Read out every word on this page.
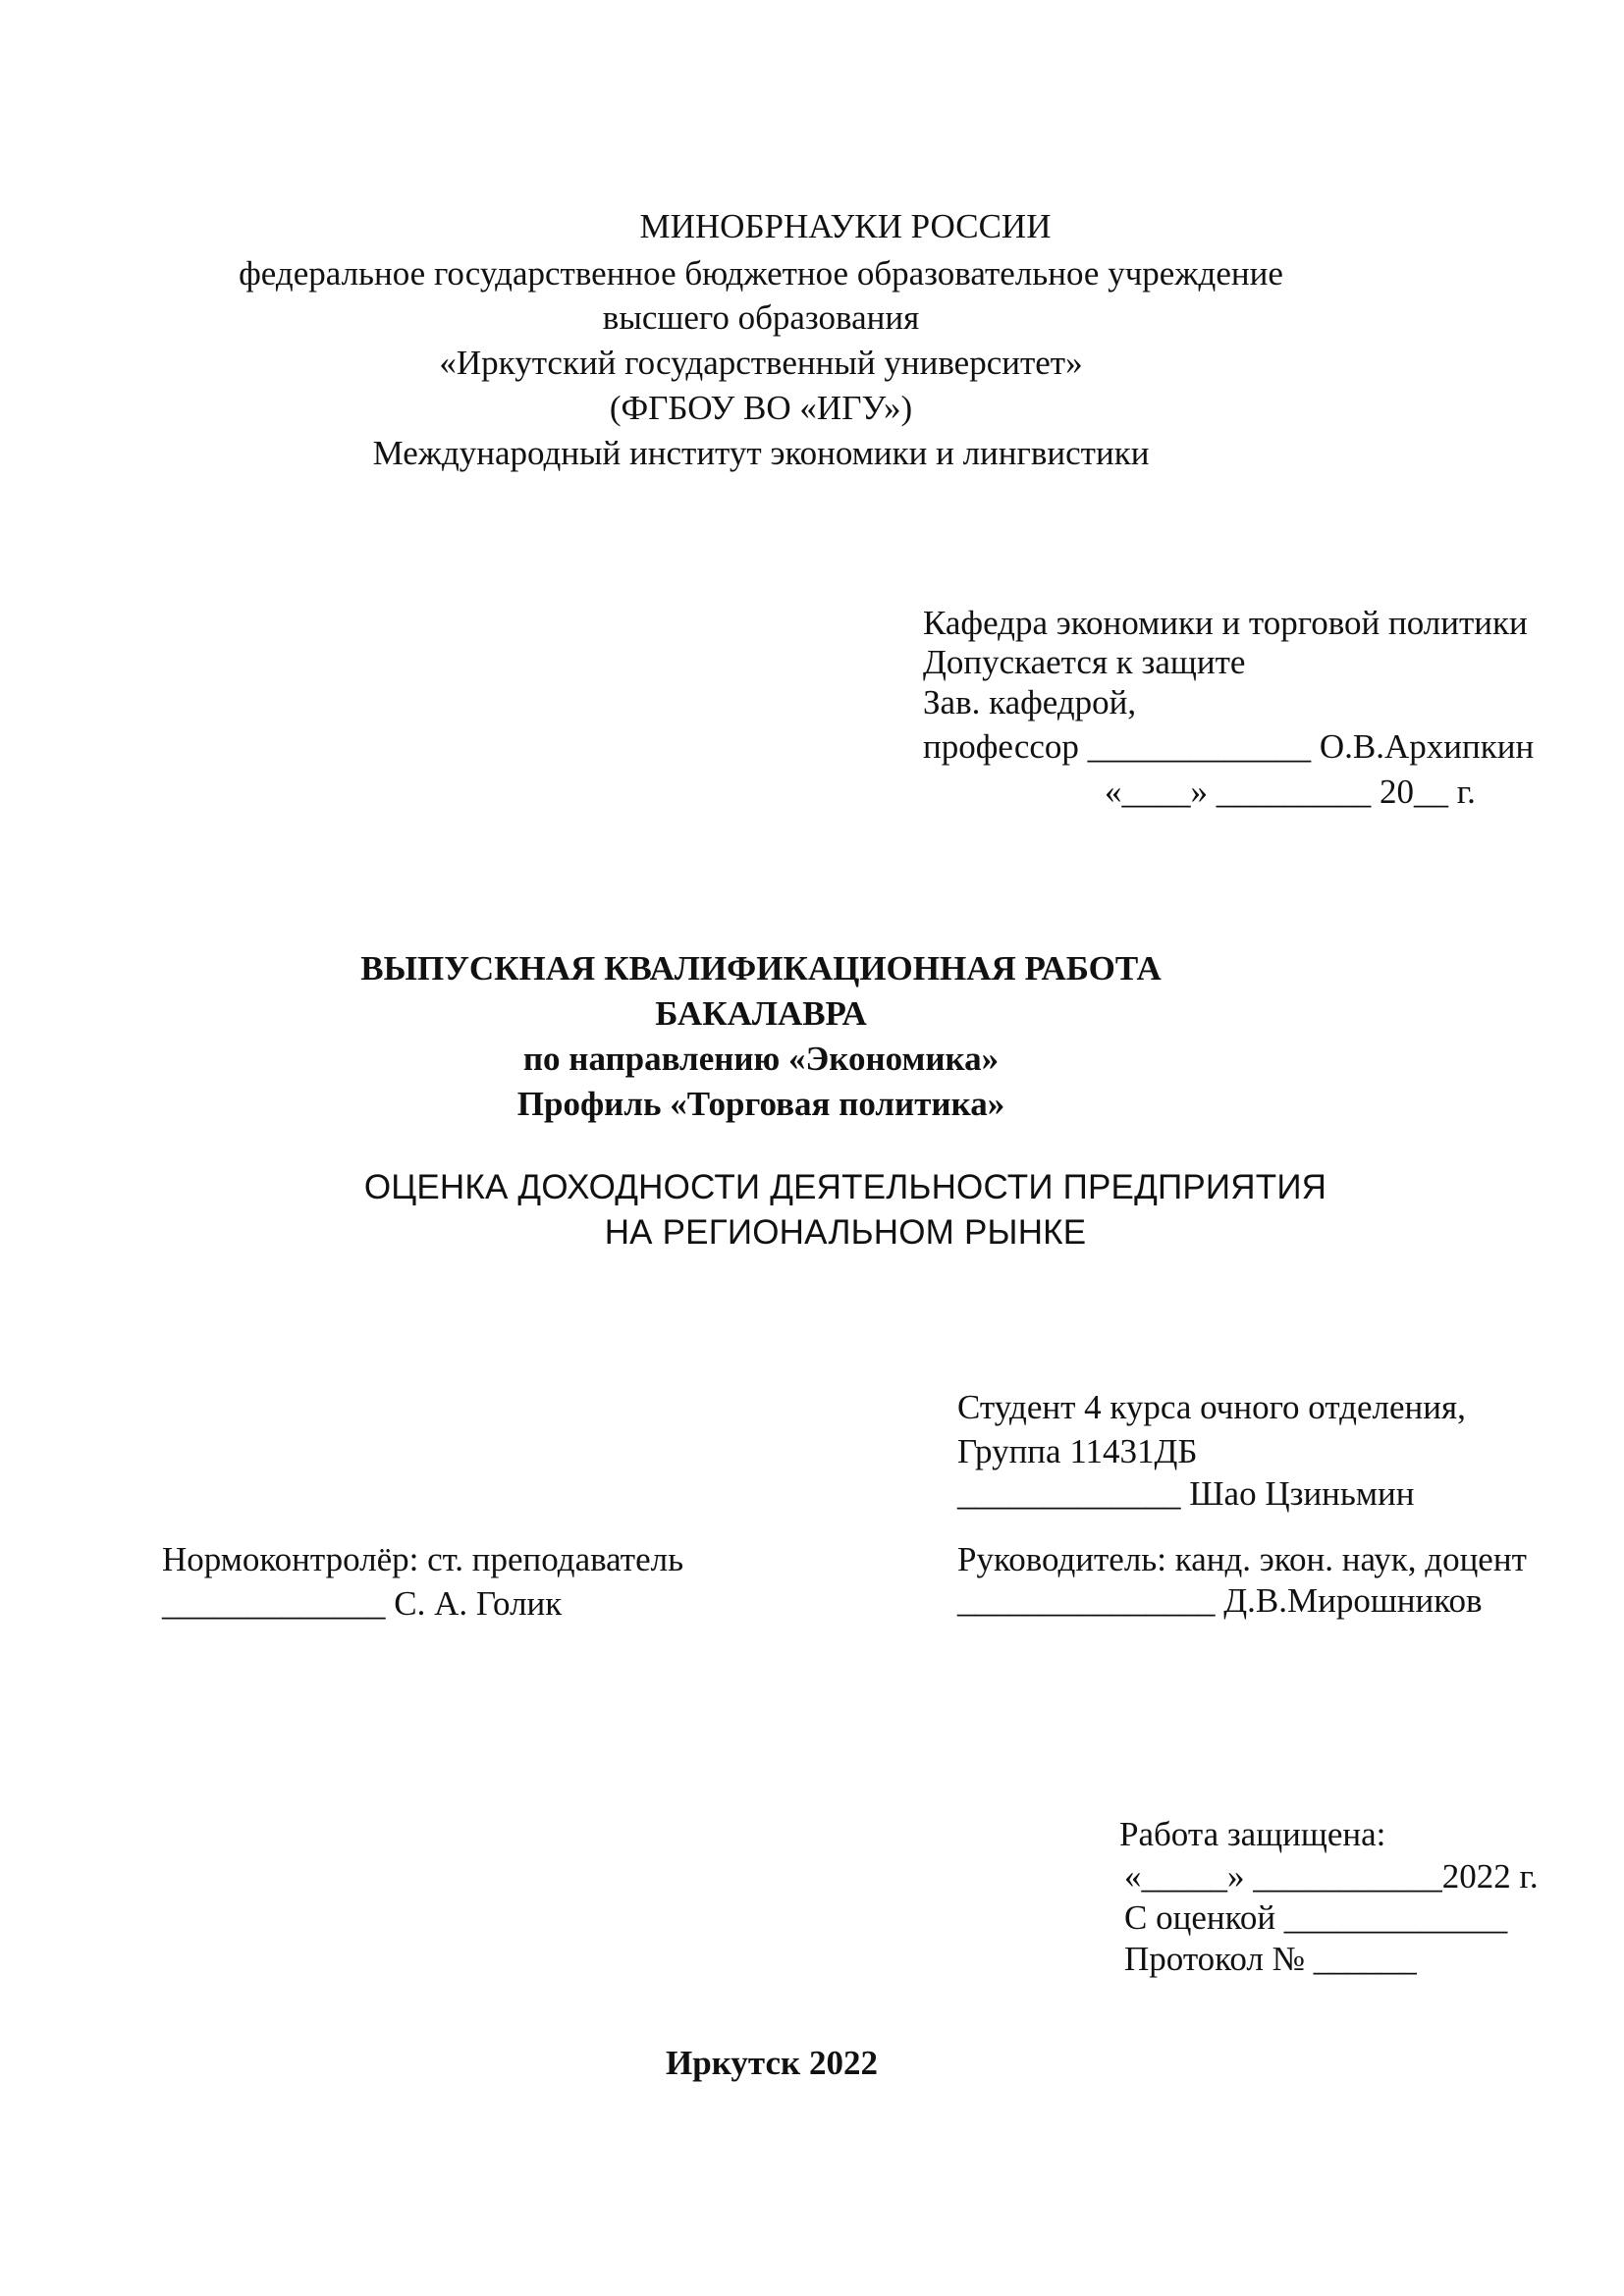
МИНОБРНАУКИ РОССИИ
федеральное государственное бюджетное образовательное учреждение
высшего образования
«Иркутский государственный университет»
(ФГБОУ ВО «ИГУ»)
Международный институт экономики и лингвистики
Кафедра экономики и торговой политики
Допускается к защите
Зав. кафедрой,
профессор _____________ О.В.Архипкин
«____» _________ 20__ г.
ВЫПУСКНАЯ КВАЛИФИКАЦИОННАЯ РАБОТА
БАКАЛАВРА
по направлению «Экономика»
Профиль «Торговая политика»
ОЦЕНКА ДОХОДНОСТИ ДЕЯТЕЛЬНОСТИ ПРЕДПРИЯТИЯ
НА РЕГИОНАЛЬНОМ РЫНКЕ
Студент 4 курса очного отделения,
Группа 11431ДБ
_____________ Шао Цзиньмин
Нормоконтролёр: ст. преподаватель
_____________ С. А. Голик
Руководитель: канд. экон. наук, доцент
_______________ Д.В.Мирошников
Работа защищена:
«_____» ___________2022 г.
С оценкой _____________
Протокол № ______
Иркутск 2022
